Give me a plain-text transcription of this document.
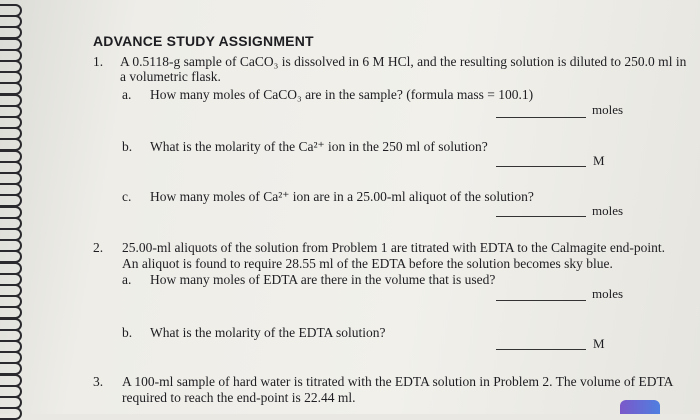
ADVANCE STUDY ASSIGNMENT
1. A 0.5118-g sample of CaCO₃ is dissolved in 6 M HCl, and the resulting solution is diluted to 250.0 ml in
a volumetric flask.
a. How many moles of CaCO₃ are in the sample? (formula mass = 100.1)
moles
b. What is the molarity of the Ca²⁺ ion in the 250 ml of solution?
M
c. How many moles of Ca²⁺ ion are in a 25.00-ml aliquot of the solution?
moles
2. 25.00-ml aliquots of the solution from Problem 1 are titrated with EDTA to the Calmagite end-point.
An aliquot is found to require 28.55 ml of the EDTA before the solution becomes sky blue.
a. How many moles of EDTA are there in the volume that is used?
moles
b. What is the molarity of the EDTA solution?
M
3. A 100-ml sample of hard water is titrated with the EDTA solution in Problem 2. The volume of EDTA
required to reach the end-point is 22.44 ml.
